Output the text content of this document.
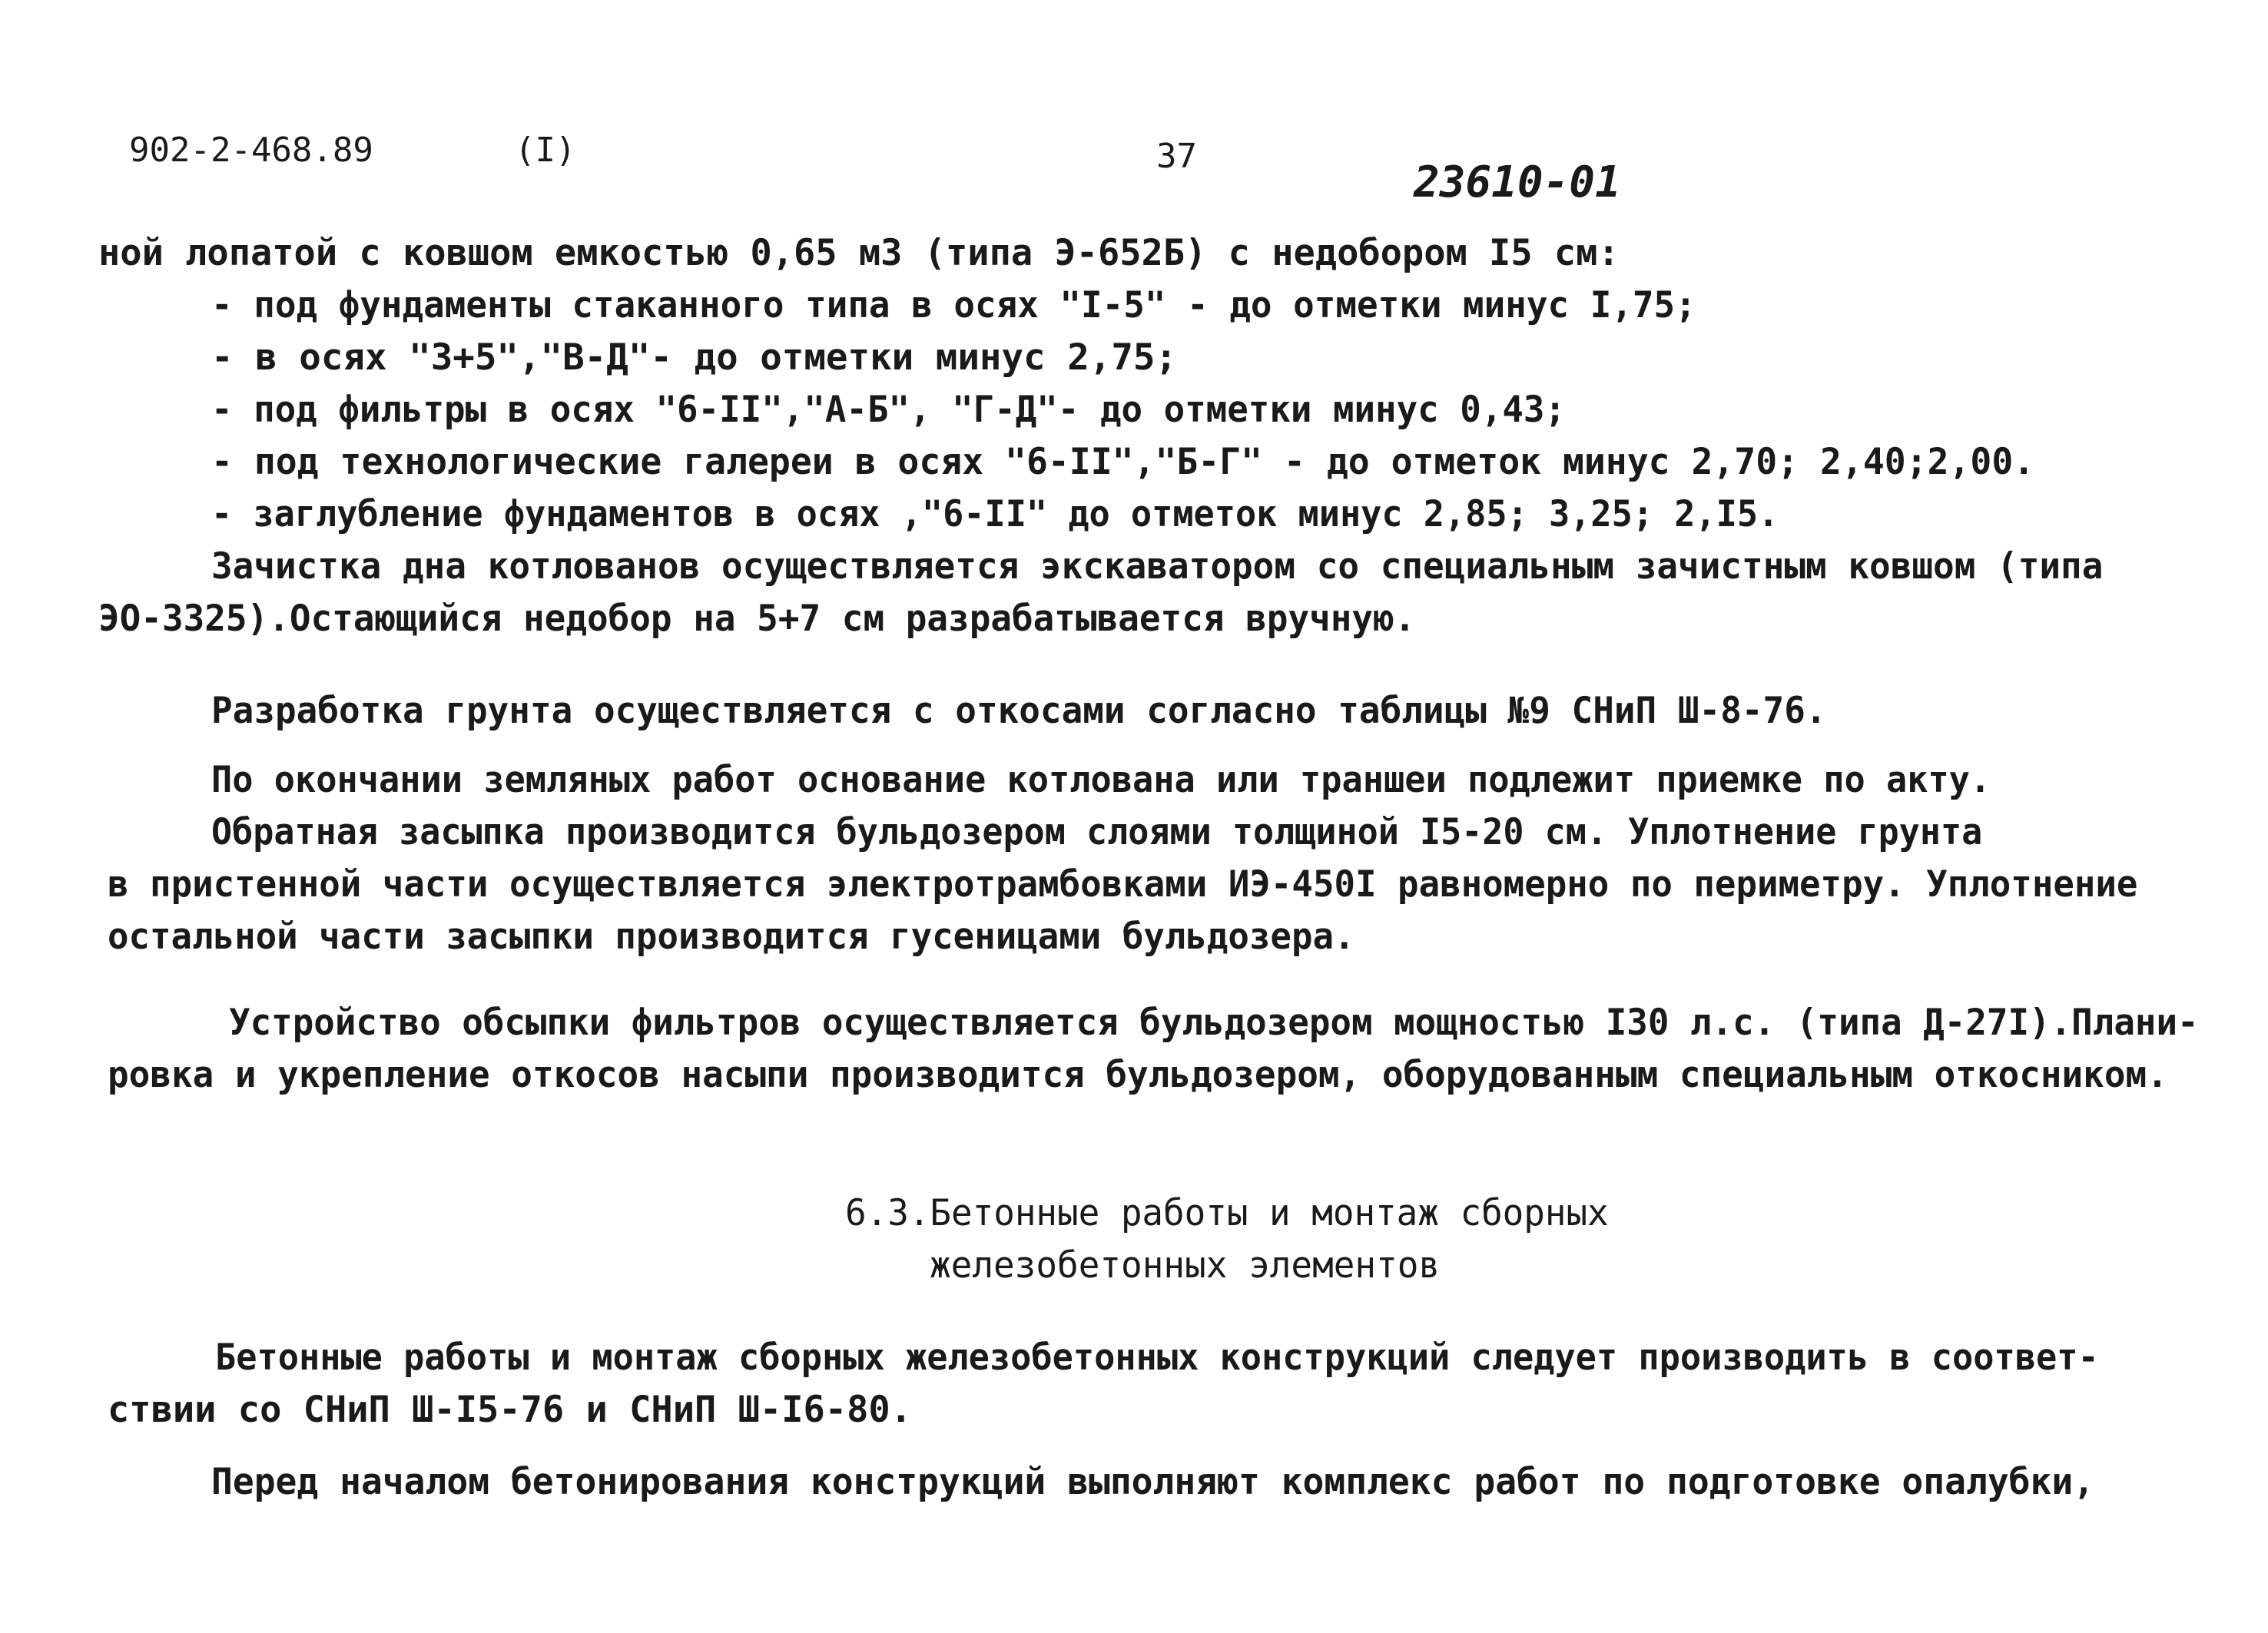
902-2-468.89	(I)	37
23610-01
ной лопатой с ковшом емкостью 0,65 м3 (типа Э-652Б) с недобором I5 см:
- под фундаменты стаканного типа в осях "I-5" - до отметки минус I,75;
- в осях "3+5","В-Д"- до отметки минус 2,75;
- под фильтры в осях "6-II","А-Б", "Г-Д"- до отметки минус 0,43;
- под технологические галереи в осях "6-II","Б-Г" - до отметок минус 2,70; 2,40;2,00.
- заглубление фундаментов в осях ,"6-II" до отметок минус 2,85; 3,25; 2,I5.
Зачистка дна котлованов осуществляется экскаватором со специальным зачистным ковшом (типа
ЭО-3325).Остающийся недобор на 5+7 см разрабатывается вручную.
Разработка грунта осуществляется с откосами согласно таблицы №9 СНиП Ш-8-76.
По окончании земляных работ основание котлована или траншеи подлежит приемке по акту.
Обратная засыпка производится бульдозером слоями толщиной I5-20 см. Уплотнение грунта
в пристенной части осуществляется электротрамбовками ИЭ-450I равномерно по периметру. Уплотнение
остальной части засыпки производится гусеницами бульдозера.
Устройство обсыпки фильтров осуществляется бульдозером мощностью I30 л.с. (типа Д-27I).Плани-
ровка и укрепление откосов насыпи производится бульдозером, оборудованным специальным откосником.
6.3.Бетонные работы и монтаж сборных
железобетонных элементов
Бетонные работы и монтаж сборных железобетонных конструкций следует производить в соответ-
ствии со СНиП Ш-I5-76 и СНиП Ш-I6-80.
Перед началом бетонирования конструкций выполняют комплекс работ по подготовке опалубки,
